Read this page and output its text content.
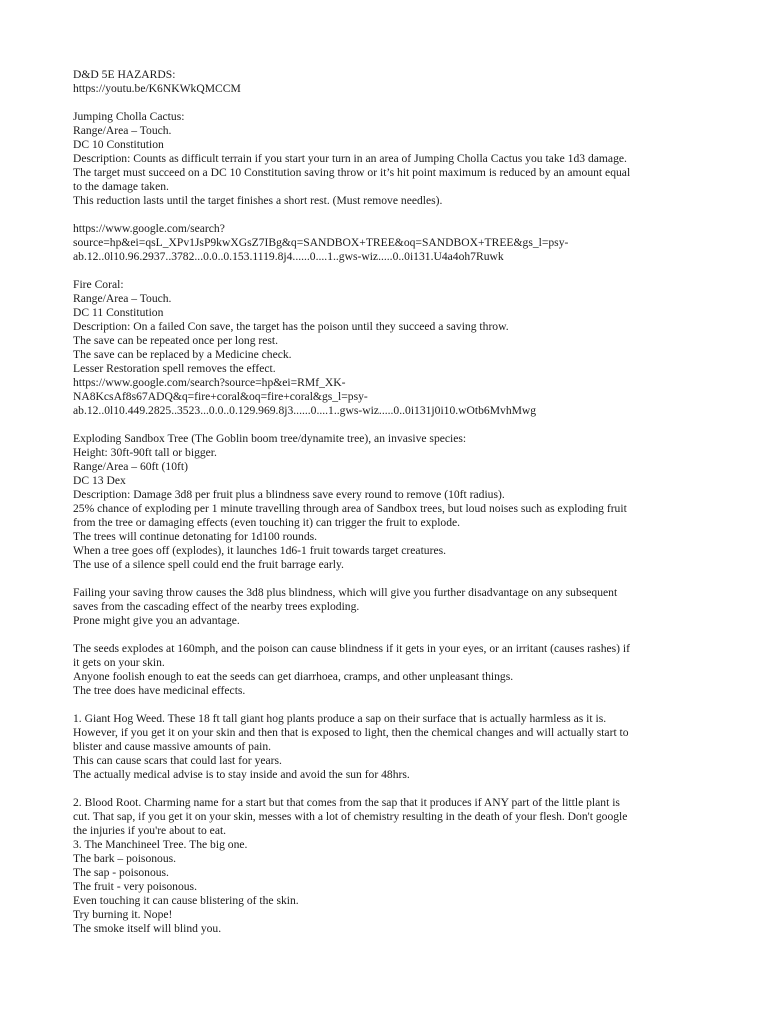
D&D 5E HAZARDS:
https://youtu.be/K6NKWkQMCCM
Jumping Cholla Cactus:
Range/Area – Touch.
DC 10 Constitution
Description: Counts as difficult terrain if you start your turn in an area of Jumping Cholla Cactus you take 1d3 damage.
The target must succeed on a DC 10 Constitution saving throw or it’s hit point maximum is reduced by an amount equal
to the damage taken.
This reduction lasts until the target finishes a short rest. (Must remove needles).
https://www.google.com/search?
source=hp&ei=qsL_XPv1JsP9kwXGsZ7IBg&q=SANDBOX+TREE&oq=SANDBOX+TREE&gs_l=psy-
ab.12..0l10.96.2937..3782...0.0..0.153.1119.8j4......0....1..gws-wiz.....0..0i131.U4a4oh7Ruwk
Fire Coral:
Range/Area – Touch.
DC 11 Constitution
Description: On a failed Con save, the target has the poison until they succeed a saving throw.
The save can be repeated once per long rest.
The save can be replaced by a Medicine check.
Lesser Restoration spell removes the effect.
https://www.google.com/search?source=hp&ei=RMf_XK-
NA8KcsAf8s67ADQ&q=fire+coral&oq=fire+coral&gs_l=psy-
ab.12..0l10.449.2825..3523...0.0..0.129.969.8j3......0....1..gws-wiz.....0..0i131j0i10.wOtb6MvhMwg
Exploding Sandbox Tree (The Goblin boom tree/dynamite tree), an invasive species:
Height: 30ft-90ft tall or bigger.
Range/Area – 60ft (10ft)
DC 13 Dex
Description: Damage 3d8 per fruit plus a blindness save every round to remove (10ft radius).
25% chance of exploding per 1 minute travelling through area of Sandbox trees, but loud noises such as exploding fruit
from the tree or damaging effects (even touching it) can trigger the fruit to explode.
The trees will continue detonating for 1d100 rounds.
When a tree goes off (explodes), it launches 1d6-1 fruit towards target creatures.
The use of a silence spell could end the fruit barrage early.
Failing your saving throw causes the 3d8 plus blindness, which will give you further disadvantage on any subsequent
saves from the cascading effect of the nearby trees exploding.
Prone might give you an advantage.
The seeds explodes at 160mph, and the poison can cause blindness if it gets in your eyes, or an irritant (causes rashes) if
it gets on your skin.
Anyone foolish enough to eat the seeds can get diarrhoea, cramps, and other unpleasant things.
The tree does have medicinal effects.
1. Giant Hog Weed. These 18 ft tall giant hog plants produce a sap on their surface that is actually harmless as it is.
However, if you get it on your skin and then that is exposed to light, then the chemical changes and will actually start to
blister and cause massive amounts of pain.
This can cause scars that could last for years.
The actually medical advise is to stay inside and avoid the sun for 48hrs.
2. Blood Root. Charming name for a start but that comes from the sap that it produces if ANY part of the little plant is
cut. That sap, if you get it on your skin, messes with a lot of chemistry resulting in the death of your flesh. Don't google
the injuries if you're about to eat.
3. The Manchineel Tree. The big one.
The bark – poisonous.
The sap - poisonous.
The fruit - very poisonous.
Even touching it can cause blistering of the skin.
Try burning it. Nope!
The smoke itself will blind you.
